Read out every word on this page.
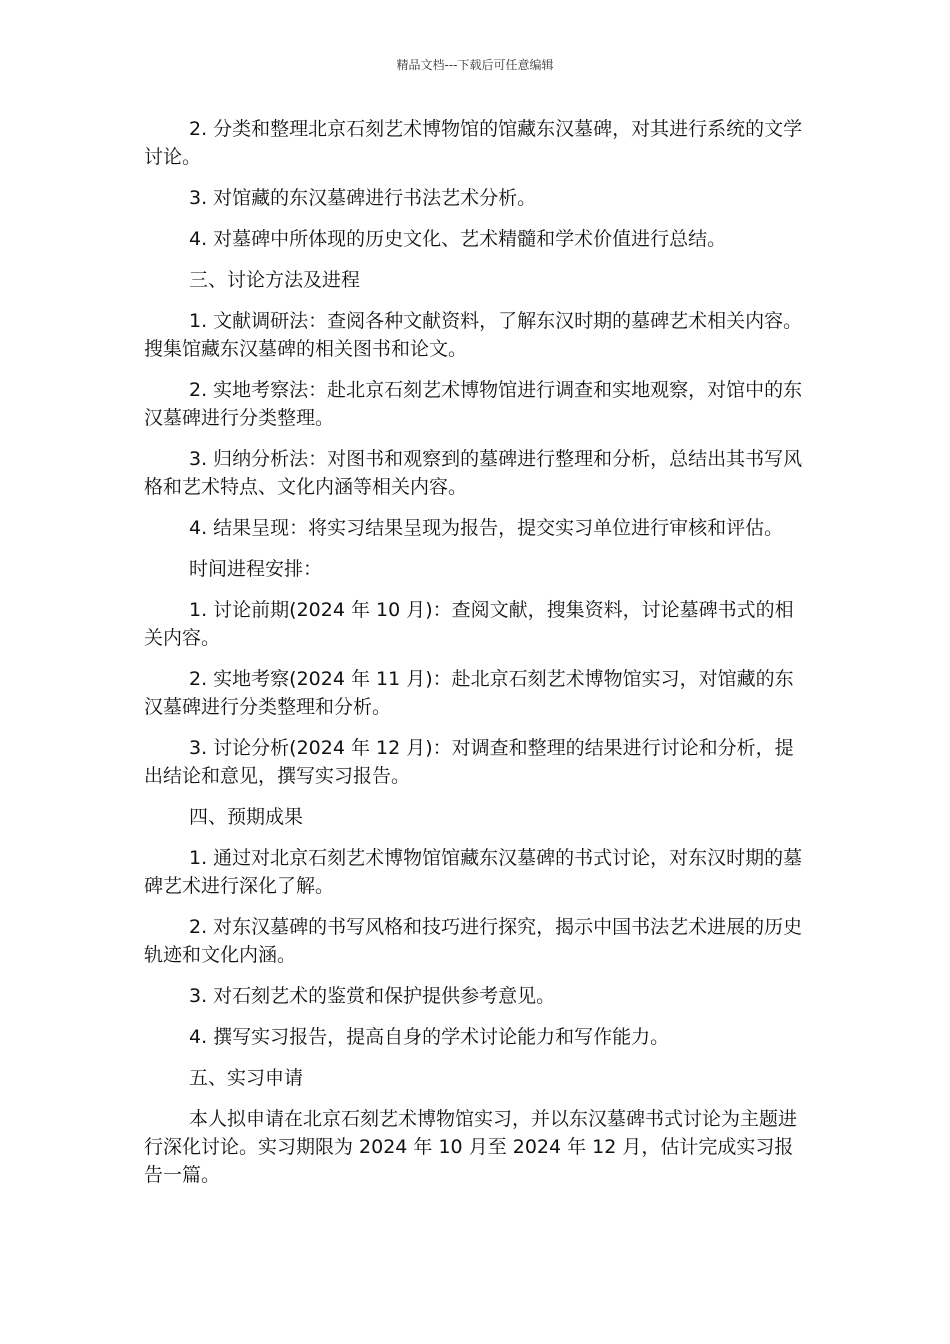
精品文档---下载后可任意编辑

2. 分类和整理北京石刻艺术博物馆的馆藏东汉墓碑，对其进行系统的文学讨论。

3. 对馆藏的东汉墓碑进行书法艺术分析。

4. 对墓碑中所体现的历史文化、艺术精髓和学术价值进行总结。

三、讨论方法及进程

1. 文献调研法：查阅各种文献资料，了解东汉时期的墓碑艺术相关内容。搜集馆藏东汉墓碑的相关图书和论文。

2. 实地考察法：赴北京石刻艺术博物馆进行调查和实地观察，对馆中的东汉墓碑进行分类整理。

3. 归纳分析法：对图书和观察到的墓碑进行整理和分析，总结出其书写风格和艺术特点、文化内涵等相关内容。

4. 结果呈现：将实习结果呈现为报告，提交实习单位进行审核和评估。

时间进程安排：

1. 讨论前期(2024 年 10 月)：查阅文献，搜集资料，讨论墓碑书式的相关内容。

2. 实地考察(2024 年 11 月)：赴北京石刻艺术博物馆实习，对馆藏的东汉墓碑进行分类整理和分析。

3. 讨论分析(2024 年 12 月)：对调查和整理的结果进行讨论和分析，提出结论和意见，撰写实习报告。

四、预期成果

1. 通过对北京石刻艺术博物馆馆藏东汉墓碑的书式讨论，对东汉时期的墓碑艺术进行深化了解。

2. 对东汉墓碑的书写风格和技巧进行探究，揭示中国书法艺术进展的历史轨迹和文化内涵。

3. 对石刻艺术的鉴赏和保护提供参考意见。

4. 撰写实习报告，提高自身的学术讨论能力和写作能力。

五、实习申请

本人拟申请在北京石刻艺术博物馆实习，并以东汉墓碑书式讨论为主题进行深化讨论。实习期限为 2024 年 10 月至 2024 年 12 月，估计完成实习报告一篇。
